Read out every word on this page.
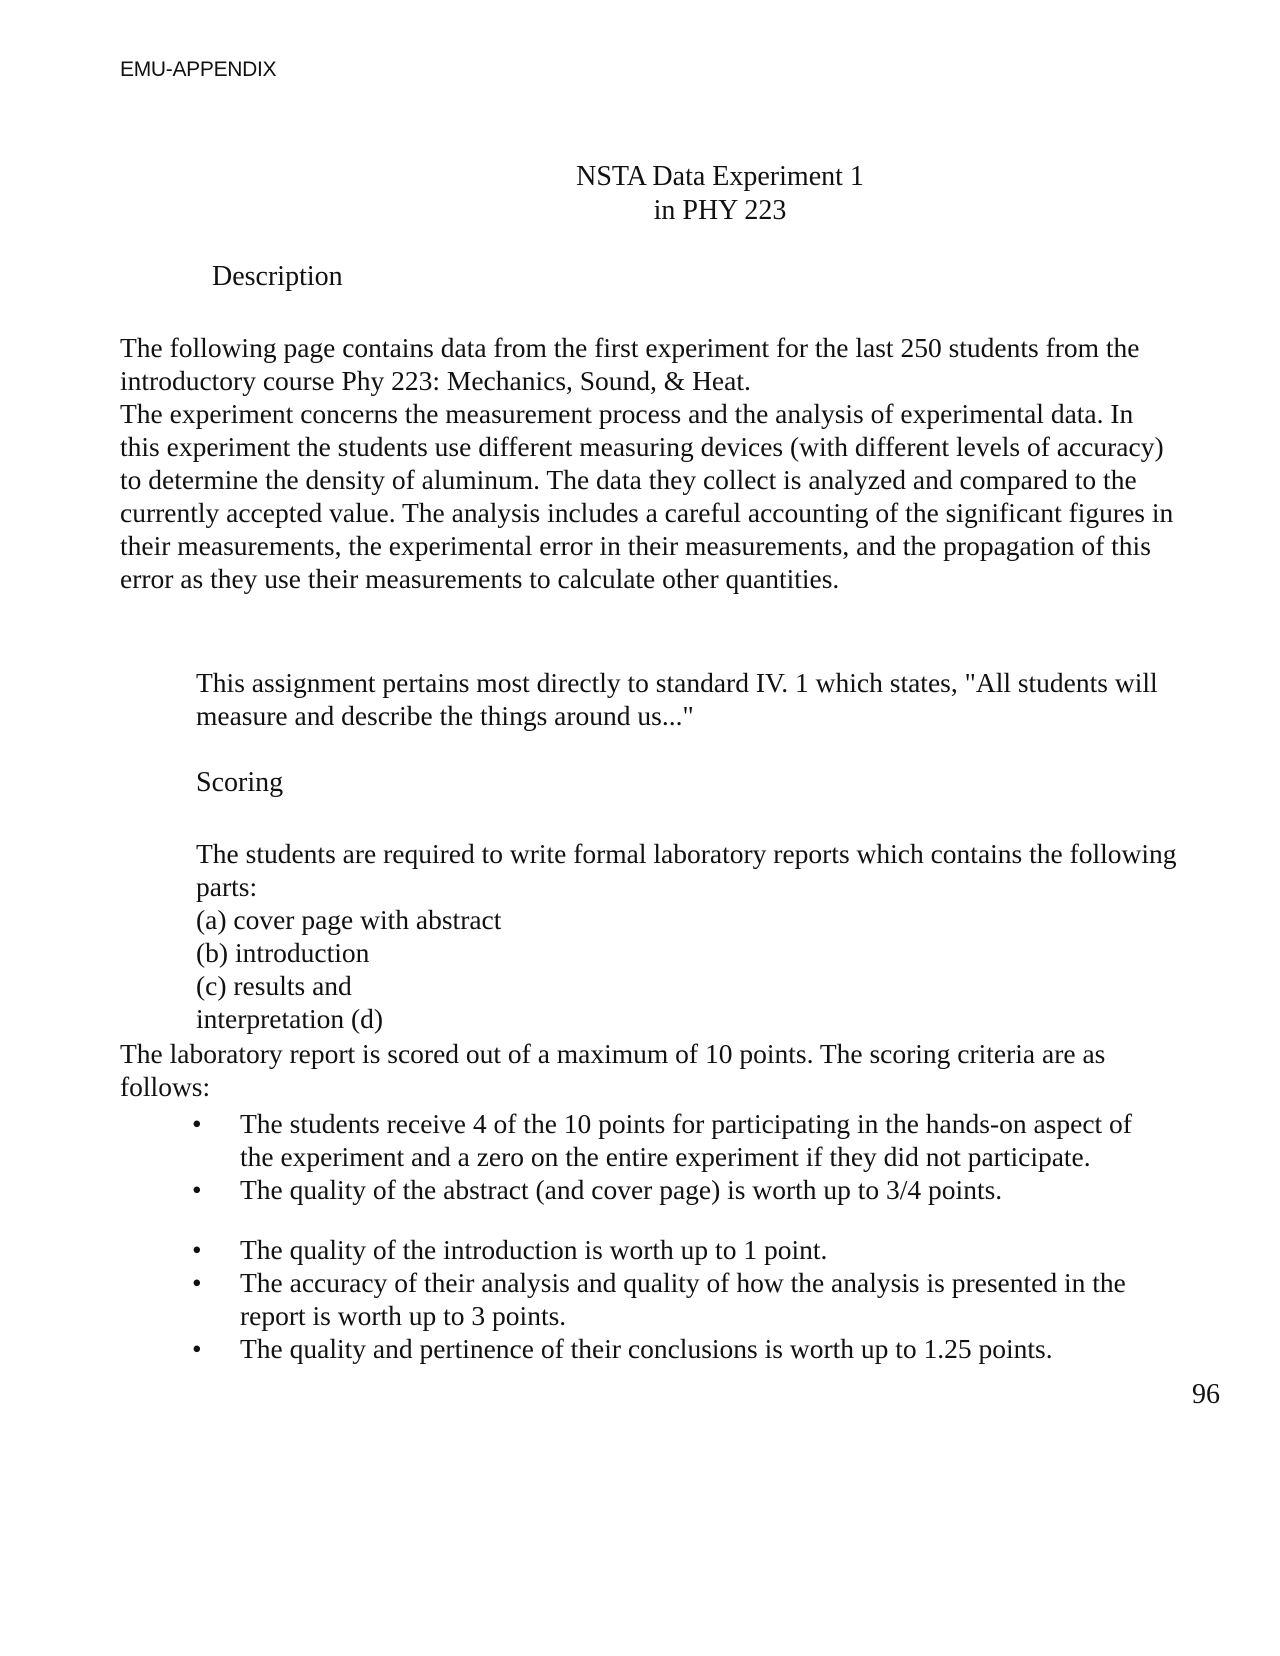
EMU-APPENDIX
NSTA Data Experiment 1
in PHY 223
Description
The following page contains data from the first experiment for the last 250 students from the
introductory course Phy 223: Mechanics, Sound, & Heat.
The experiment concerns the measurement process and the analysis of experimental data. In
this experiment the students use different measuring devices (with different levels of accuracy)
to determine the density of aluminum. The data they collect is analyzed and compared to the
currently accepted value. The analysis includes a careful accounting of the significant figures in
their measurements, the experimental error in their measurements, and the propagation of this
error as they use their measurements to calculate other quantities.
This assignment pertains most directly to standard IV. 1 which states, "All students will
measure and describe the things around us..."
Scoring
The students are required to write formal laboratory reports which contains the following
parts:
(a) cover page with abstract
(b) introduction
(c) results and
interpretation (d)
The laboratory report is scored out of a maximum of 10 points. The scoring criteria are as
follows:
• The students receive 4 of the 10 points for participating in the hands-on aspect of
the experiment and a zero on the entire experiment if they did not participate.
• The quality of the abstract (and cover page) is worth up to 3/4 points.
• The quality of the introduction is worth up to 1 point.
• The accuracy of their analysis and quality of how the analysis is presented in the
report is worth up to 3 points.
• The quality and pertinence of their conclusions is worth up to 1.25 points.
96
